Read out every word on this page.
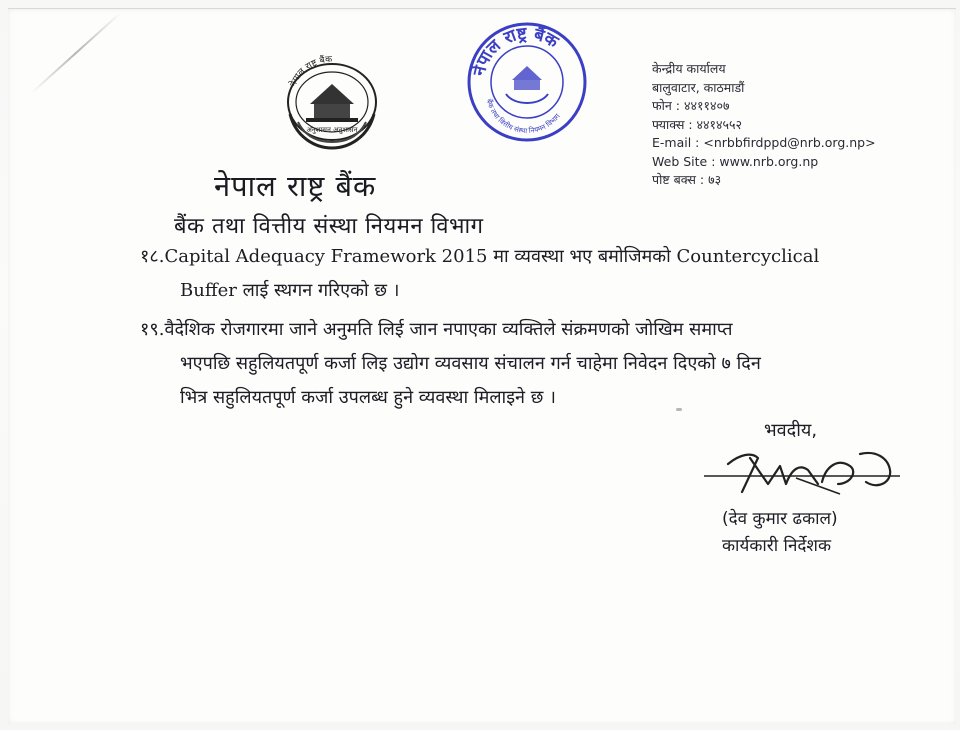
नेपाल राष्ट्र बैंक
अनुशासन अनुशासन
नेपाल राष्ट्र बैंक
बैंक तथा वित्तीय संस्था नियमन विभाग
केन्द्रीय कार्यालय
बालुवाटार, काठमाडौं
फोन : ४४११४०७
फ्याक्स : ४४१४५५२
E-mail : <nrbbfirdppd@nrb.org.np>
Web Site : www.nrb.org.np
पोष्ट बक्स : ७३
नेपाल राष्ट्र बैंक
बैंक तथा वित्तीय संस्था नियमन विभाग
१८.Capital Adequacy Framework 2015 मा व्यवस्था भए बमोजिमको Countercyclical
Buffer लाई स्थगन गरिएको छ ।
१९.वैदेशिक रोजगारमा जाने अनुमति लिई जान नपाएका व्यक्तिले संक्रमणको जोखिम समाप्त
भएपछि सहुलियतपूर्ण कर्जा लिइ उद्योग व्यवसाय संचालन गर्न चाहेमा निवेदन दिएको ७ दिन
भित्र सहुलियतपूर्ण कर्जा उपलब्ध हुने व्यवस्था मिलाइने छ ।
भवदीय,
(देव कुमार ढकाल)
कार्यकारी निर्देशक
